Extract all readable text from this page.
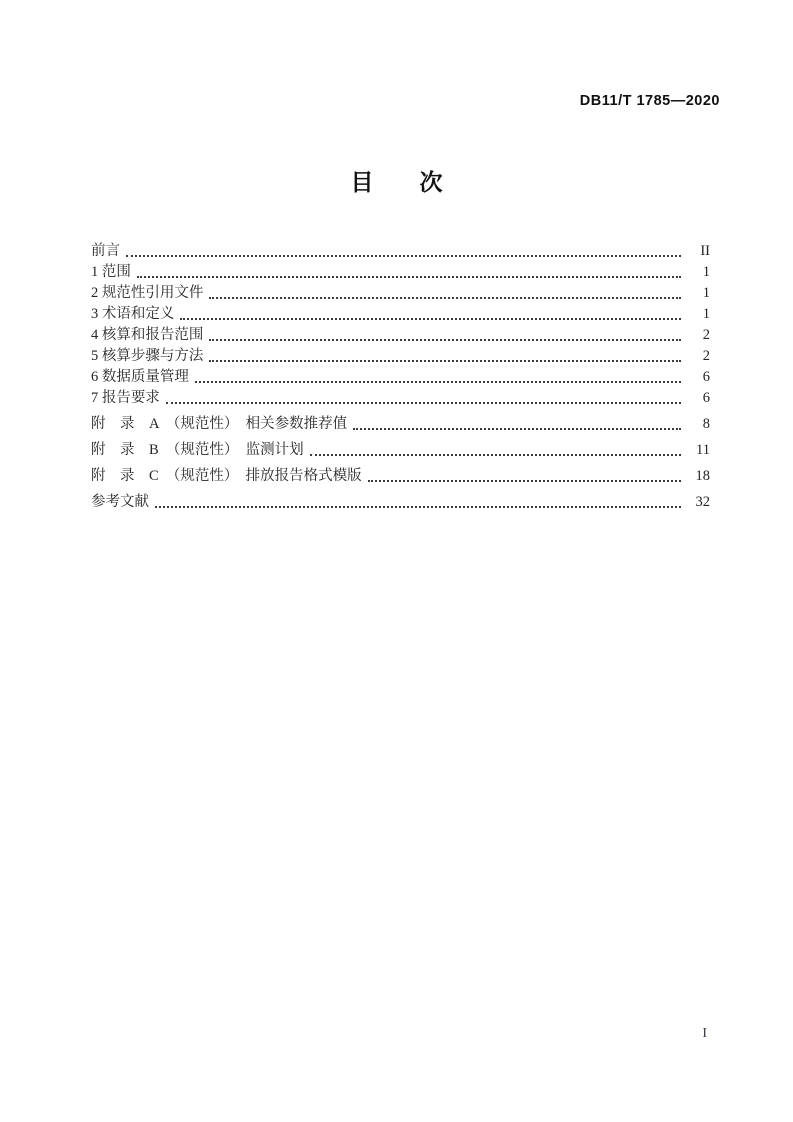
DB11/T 1785—2020
目　　次
前言	II
1 范围	1
2 规范性引用文件	1
3 术语和定义	1
4 核算和报告范围	2
5 核算步骤与方法	2
6 数据质量管理	6
7 报告要求	6
附　录　A　（规范性）　相关参数推荐值	8
附　录　B　（规范性）　监测计划	11
附　录　C　（规范性）　排放报告格式模版	18
参考文献	32
I
